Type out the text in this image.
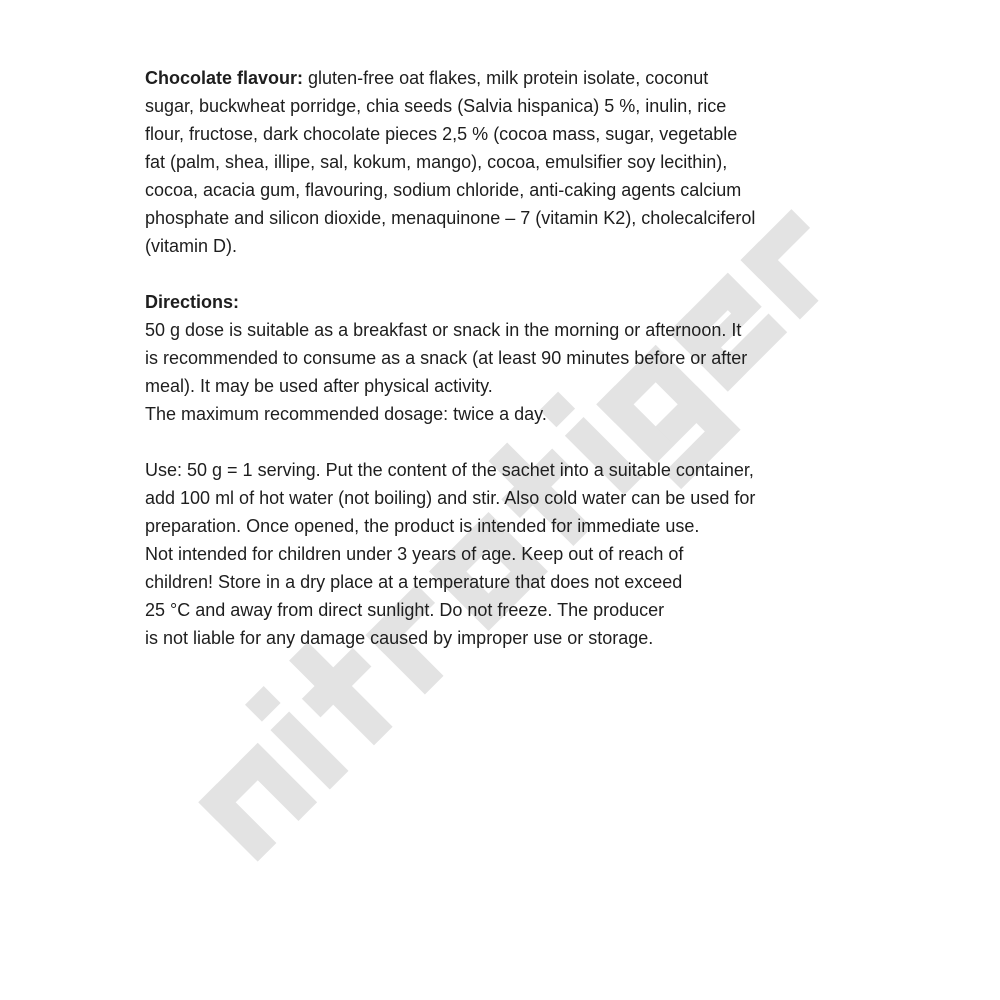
Chocolate flavour: gluten-free oat flakes, milk protein isolate, coconut
sugar, buckwheat porridge, chia seeds (Salvia hispanica) 5 %, inulin, rice
flour, fructose, dark chocolate pieces 2,5 % (cocoa mass, sugar, vegetable
fat (palm, shea, illipe, sal, kokum, mango), cocoa, emulsifier soy lecithin),
cocoa, acacia gum, flavouring, sodium chloride, anti-caking agents calcium
phosphate and silicon dioxide, menaquinone – 7 (vitamin K2), cholecalciferol
(vitamin D).
Directions:
50 g dose is suitable as a breakfast or snack in the morning or afternoon. It
is recommended to consume as a snack (at least 90 minutes before or after
meal). It may be used after physical activity.
The maximum recommended dosage: twice a day.
Use: 50 g = 1 serving. Put the content of the sachet into a suitable container,
add 100 ml of hot water (not boiling) and stir. Also cold water can be used for
preparation. Once opened, the product is intended for immediate use.
Not intended for children under 3 years of age. Keep out of reach of
children! Store in a dry place at a temperature that does not exceed
25 °C and away from direct sunlight. Do not freeze. The producer
is not liable for any damage caused by improper use or storage.
